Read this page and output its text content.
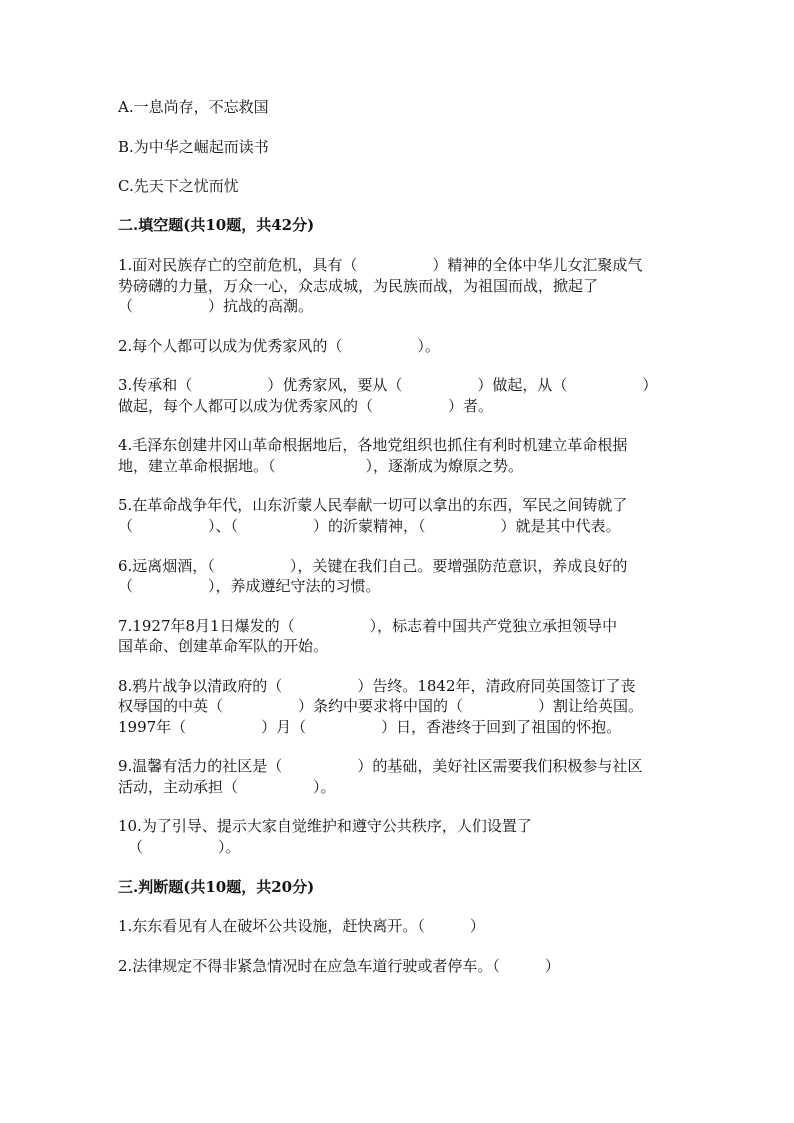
A.一息尚存，不忘救国

B.为中华之崛起而读书

C.先天下之忧而忧

二.填空题(共10题，共42分)

1.面对民族存亡的空前危机，具有（　　　　　）精神的全体中华儿女汇聚成气

势磅礴的力量，万众一心，众志成城，为民族而战，为祖国而战，掀起了

（　　　　　）抗战的高潮。

2.每个人都可以成为优秀家风的（　　　　　）。

3.传承和（　　　　　）优秀家风，要从（　　　　　）做起，从（　　　　　）

做起，每个人都可以成为优秀家风的（　　　　　）者。

4.毛泽东创建井冈山革命根据地后，各地党组织也抓住有利时机建立革命根据

地，建立革命根据地。（　　　　　　），逐渐成为燎原之势。

5.在革命战争年代，山东沂蒙人民奉献一切可以拿出的东西，军民之间铸就了

（　　　　　）、（　　　　　）的沂蒙精神，（　　　　　）就是其中代表。

6.远离烟酒，（　　　　　），关键在我们自己。要增强防范意识，养成良好的

（　　　　　），养成遵纪守法的习惯。

7.1927年8月1日爆发的（　　　　　），标志着中国共产党独立承担领导中

国革命、创建革命军队的开始。

8.鸦片战争以清政府的（　　　　　）告终。1842年，清政府同英国签订了丧

权辱国的中英（　　　　　）条约中要求将中国的（　　　　　）割让给英国。

1997年（　　　　　）月（　　　　　）日，香港终于回到了祖国的怀抱。

9.温馨有活力的社区是（　　　　　）的基础，美好社区需要我们积极参与社区

活动，主动承担（　　　　　）。

10.为了引导、提示大家自觉维护和遵守公共秩序，人们设置了

（　　　　　）。

三.判断题(共10题，共20分)

1.东东看见有人在破坏公共设施，赶快离开。（　　　）

2.法律规定不得非紧急情况时在应急车道行驶或者停车。（　　　）
